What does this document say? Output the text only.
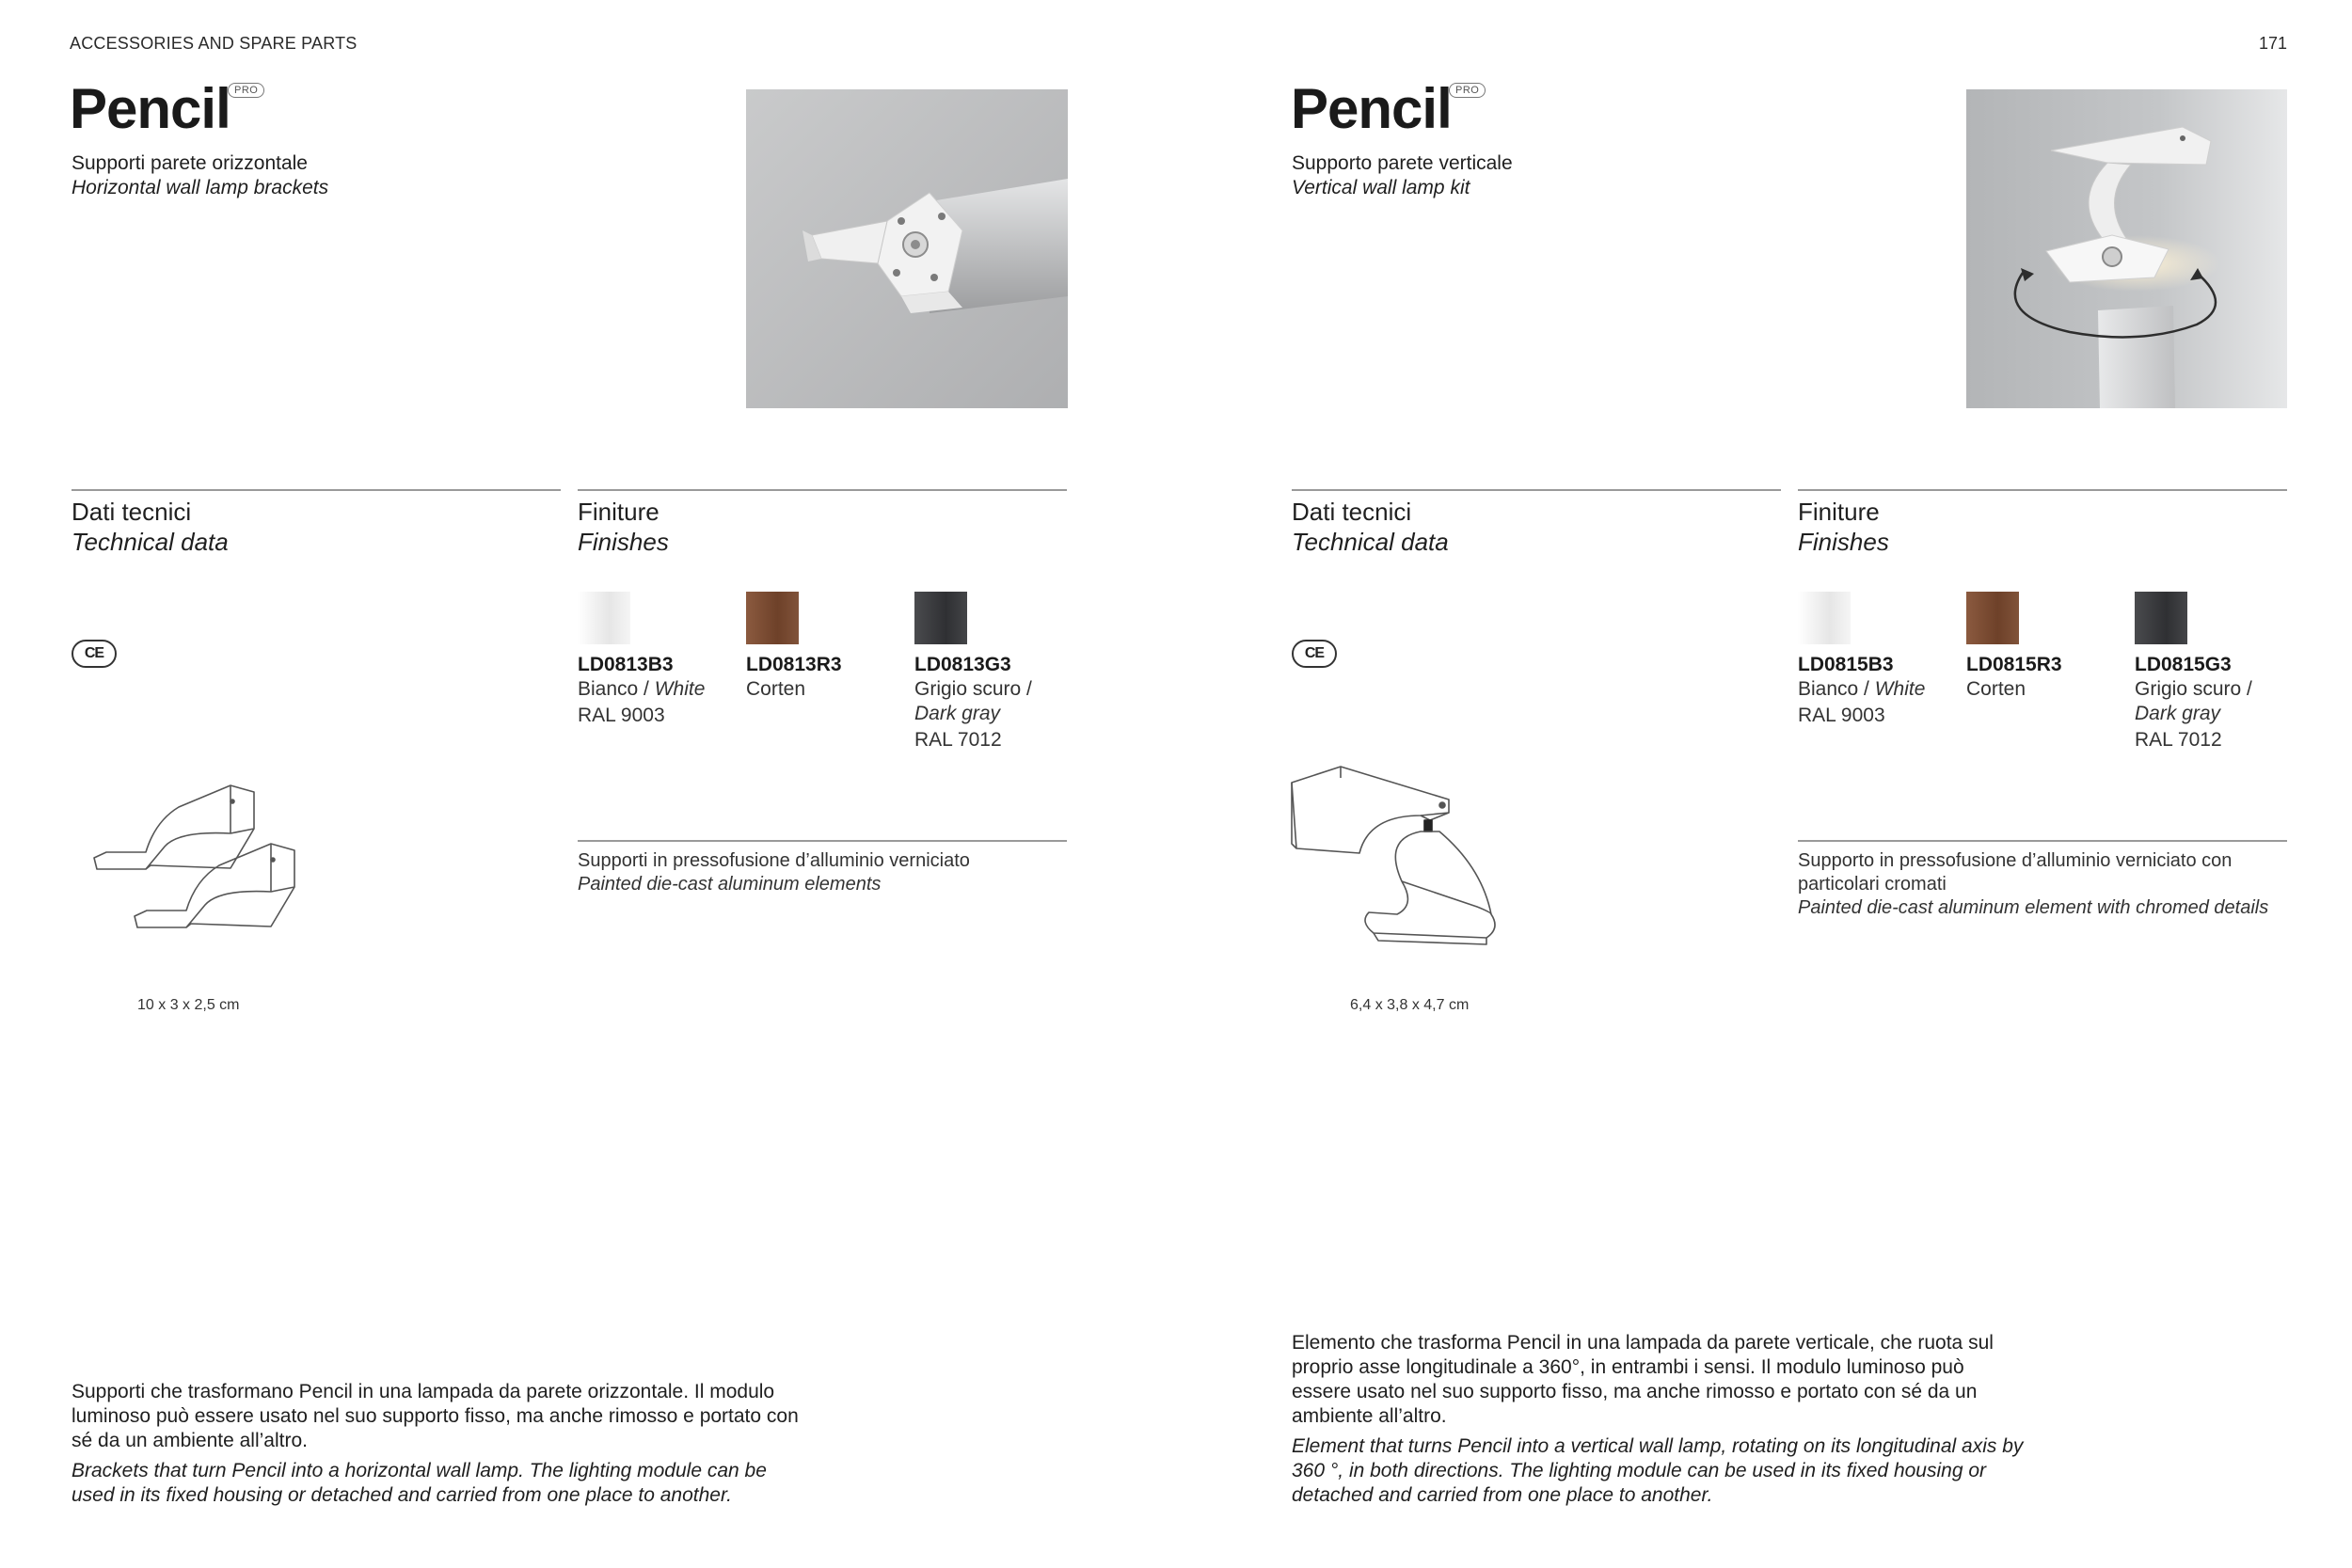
ACCESSORIES AND SPARE PARTS	171
Pencil PRO
Supporti parete orizzontale
Horizontal wall lamp brackets
Dati tecnici
Technical data
Finiture
Finishes
CE
LD0813B3
Bianco / White
RAL 9003
LD0813R3
Corten
LD0813G3
Grigio scuro /
Dark gray
RAL 7012
10 x 3 x 2,5 cm
Supporti in pressofusione d’alluminio verniciato
Painted die-cast aluminum elements
Supporti che trasformano Pencil in una lampada da parete orizzontale. Il modulo luminoso può essere usato nel suo supporto fisso, ma anche rimosso e portato con sé da un ambiente all’altro.
Brackets that turn Pencil into a horizontal wall lamp. The lighting module can be used in its fixed housing or detached and carried from one place to another.
Pencil PRO
Supporto parete verticale
Vertical wall lamp kit
Dati tecnici
Technical data
Finiture
Finishes
CE
LD0815B3
Bianco / White
RAL 9003
LD0815R3
Corten
LD0815G3
Grigio scuro /
Dark gray
RAL 7012
6,4 x 3,8 x 4,7 cm
Supporto in pressofusione d’alluminio verniciato con particolari cromati
Painted die-cast aluminum element with chromed details
Elemento che trasforma Pencil in una lampada da parete verticale, che ruota sul proprio asse longitudinale a 360°, in entrambi i sensi. Il modulo luminoso può essere usato nel suo supporto fisso, ma anche rimosso e portato con sé da un ambiente all’altro.
Element that turns Pencil into a vertical wall lamp, rotating on its longitudinal axis by 360 °, in both directions. The lighting module can be used in its fixed housing or detached and carried from one place to another.
